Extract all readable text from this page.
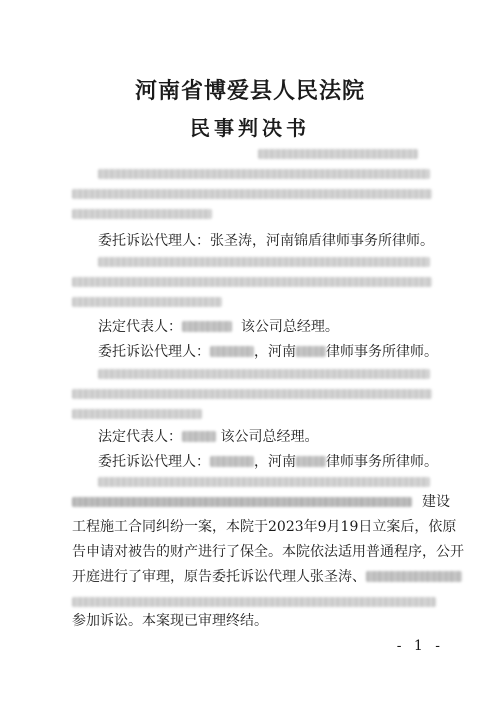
河南省博爱县人民法院
民事判决书
委托诉讼代理人：张圣涛，河南锦盾律师事务所律师。
法定代表人：	该公司总经理。
委托诉讼代理人：	，河南 律师事务所律师。
法定代表人：	该公司总经理。
委托诉讼代理人：	，河南 律师事务所律师。
建设
工程施工合同纠纷一案，本院于2023年9月19日立案后，依原
告申请对被告的财产进行了保全。本院依法适用普通程序，公开
开庭进行了审理，原告委托诉讼代理人张圣涛、
参加诉讼。本案现已审理终结。
- 1 -
